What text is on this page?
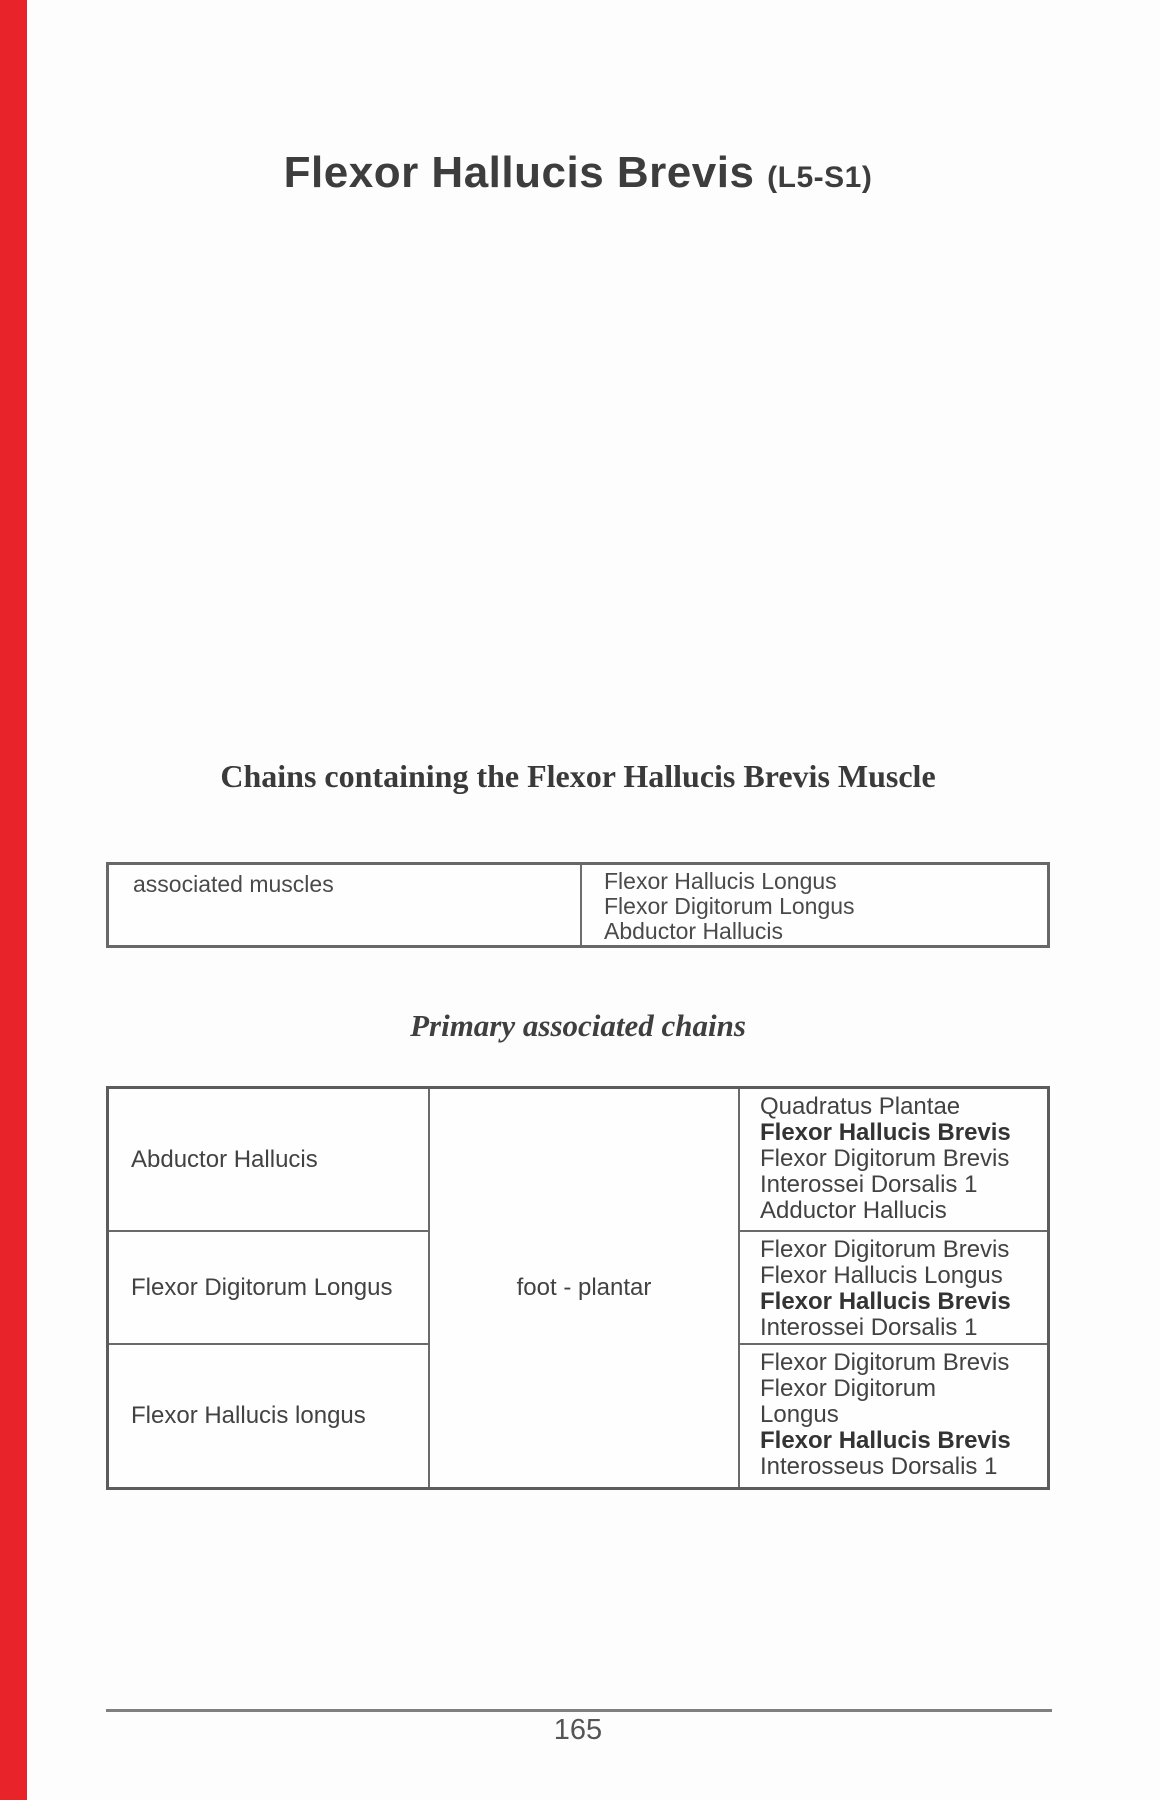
Flexor Hallucis Brevis (L5-S1)
Chains containing the Flexor Hallucis Brevis Muscle
associated muscles	Flexor Hallucis Longus
Flexor Digitorum Longus
Abductor Hallucis
Primary associated chains
Abductor Hallucis
foot - plantar
Quadratus Plantae
Flexor Hallucis Brevis
Flexor Digitorum Brevis
Interossei Dorsalis 1
Adductor Hallucis
Flexor Digitorum Longus
Flexor Digitorum Brevis
Flexor Hallucis Longus
Flexor Hallucis Brevis
Interossei Dorsalis 1
Flexor Hallucis longus
Flexor Digitorum Brevis
Flexor Digitorum
Longus
Flexor Hallucis Brevis
Interosseus Dorsalis 1
165
